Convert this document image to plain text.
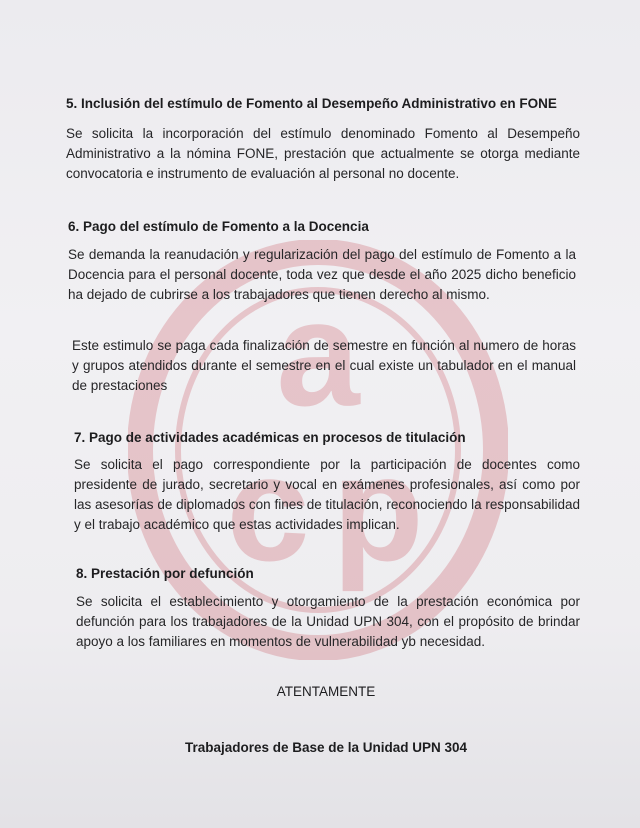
a
c p
5. Inclusión del estímulo de Fomento al Desempeño Administrativo en FONE
Se solicita la incorporación del estímulo denominado Fomento al Desempeño
Administrativo a la nómina FONE, prestación que actualmente se otorga mediante
convocatoria e instrumento de evaluación al personal no docente.
6. Pago del estímulo de Fomento a la Docencia
Se demanda la reanudación y regularización del pago del estímulo de Fomento a la
Docencia para el personal docente, toda vez que desde el año 2025 dicho beneficio
ha dejado de cubrirse a los trabajadores que tienen derecho al mismo.
Este estimulo se paga cada finalización de semestre en función al numero de horas
y grupos atendidos durante el semestre en el cual existe un tabulador en el manual
de prestaciones
7. Pago de actividades académicas en procesos de titulación
Se solicita el pago correspondiente por la participación de docentes como
presidente de jurado, secretario y vocal en exámenes profesionales, así como por
las asesorías de diplomados con fines de titulación, reconociendo la responsabilidad
y el trabajo académico que estas actividades implican.
8. Prestación por defunción
Se solicita el establecimiento y otorgamiento de la prestación económica por
defunción para los trabajadores de la Unidad UPN 304, con el propósito de brindar
apoyo a los familiares en momentos de vulnerabilidad yb necesidad.
ATENTAMENTE
Trabajadores de Base de la Unidad UPN 304
